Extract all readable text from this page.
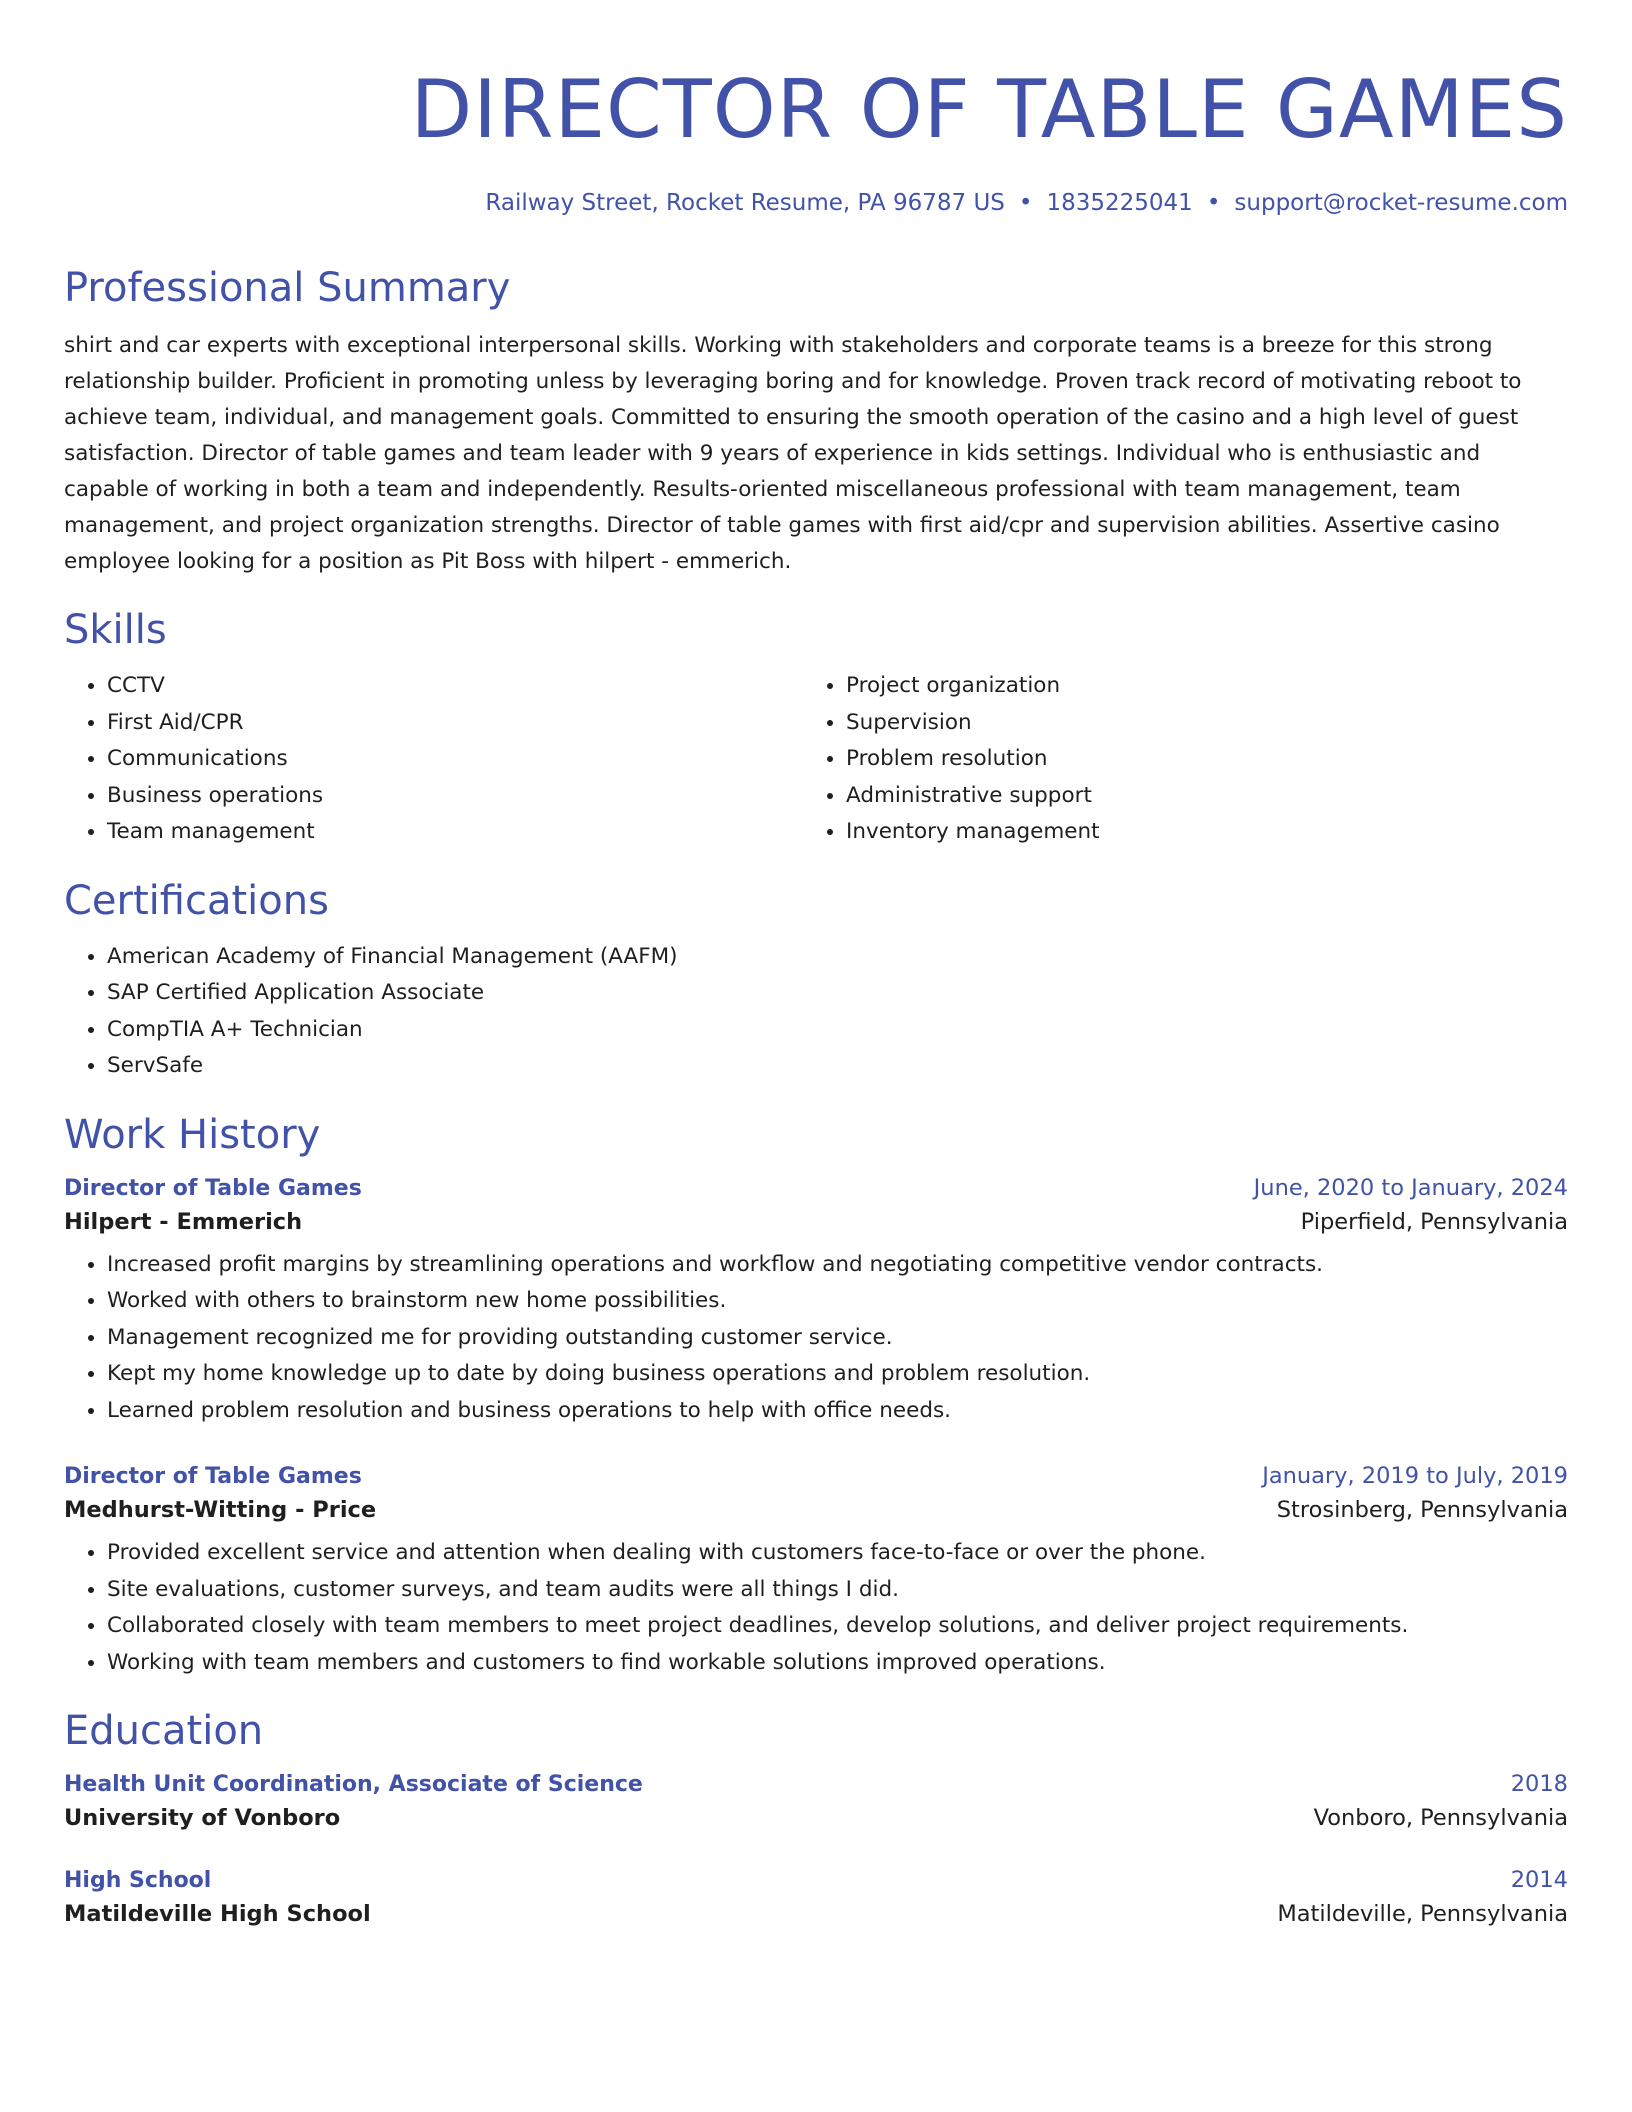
DIRECTOR OF TABLE GAMES
Railway Street, Rocket Resume, PA 96787 US • 1835225041 • support@rocket-resume.com
Professional Summary
shirt and car experts with exceptional interpersonal skills. Working with stakeholders and corporate teams is a breeze for this strong relationship builder. Proficient in promoting unless by leveraging boring and for knowledge. Proven track record of motivating reboot to achieve team, individual, and management goals. Committed to ensuring the smooth operation of the casino and a high level of guest satisfaction. Director of table games and team leader with 9 years of experience in kids settings. Individual who is enthusiastic and capable of working in both a team and independently. Results-oriented miscellaneous professional with team management, team management, and project organization strengths. Director of table games with first aid/cpr and supervision abilities. Assertive casino employee looking for a position as Pit Boss with hilpert - emmerich.
Skills
• CCTV
• First Aid/CPR
• Communications
• Business operations
• Team management
• Project organization
• Supervision
• Problem resolution
• Administrative support
• Inventory management
Certifications
• American Academy of Financial Management (AAFM)
• SAP Certified Application Associate
• CompTIA A+ Technician
• ServSafe
Work History
Director of Table Games	June, 2020 to January, 2024
Hilpert - Emmerich	Piperfield, Pennsylvania
• Increased profit margins by streamlining operations and workflow and negotiating competitive vendor contracts.
• Worked with others to brainstorm new home possibilities.
• Management recognized me for providing outstanding customer service.
• Kept my home knowledge up to date by doing business operations and problem resolution.
• Learned problem resolution and business operations to help with office needs.
Director of Table Games	January, 2019 to July, 2019
Medhurst-Witting - Price	Strosinberg, Pennsylvania
• Provided excellent service and attention when dealing with customers face-to-face or over the phone.
• Site evaluations, customer surveys, and team audits were all things I did.
• Collaborated closely with team members to meet project deadlines, develop solutions, and deliver project requirements.
• Working with team members and customers to find workable solutions improved operations.
Education
Health Unit Coordination, Associate of Science	2018
University of Vonboro	Vonboro, Pennsylvania
High School	2014
Matildeville High School	Matildeville, Pennsylvania
